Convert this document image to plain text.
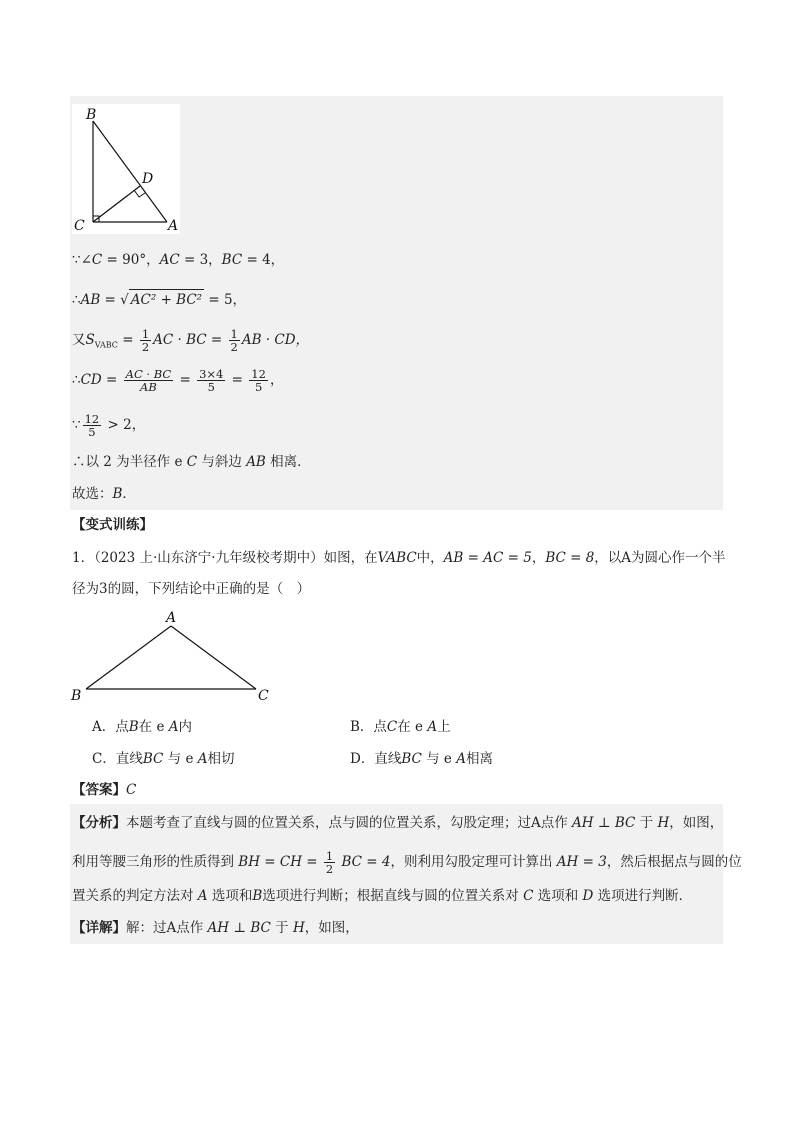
B
D
C	A
∵∠C = 90°，AC = 3，BC = 4，
∴AB = √ AC² + BC² = 5，
又$S_{VABC} = \frac{1}{2}$ AC · BC = $\frac{1}{2}$ AB · CD，
∴CD = $\frac{AC \cdot BC}{AB} = \frac{3\times 4}{5} = \frac{12}{5}$ ，
∵ $\frac{12}{5} > 2$，
∴以 2 为半径作 e C 与斜边 AB 相离．
故选：B．
【变式训练】
1．（2023 上·山东济宁·九年级校考期中）如图，在VABC中，AB = AC = 5，BC = 8，以A为圆心作一个半
径为3的圆，下列结论中正确的是（　）
A
B	C
A．点B在 e A内	B．点C在 e A上
C．直线BC 与 e A相切	D．直线BC 与 e A相离
【答案】C
【分析】本题考查了直线与圆的位置关系，点与圆的位置关系，勾股定理；过A点作 AH ⊥ BC 于 H，如图，
利用等腰三角形的性质得到 BH = CH = $\frac{1}{2}$ BC = 4，则利用勾股定理可计算出 AH = 3，然后根据点与圆的位
置关系的判定方法对 A 选项和B选项进行判断；根据直线与圆的位置关系对 C 选项和 D 选项进行判断．
【详解】解：过A点作 AH ⊥ BC 于 H，如图，
